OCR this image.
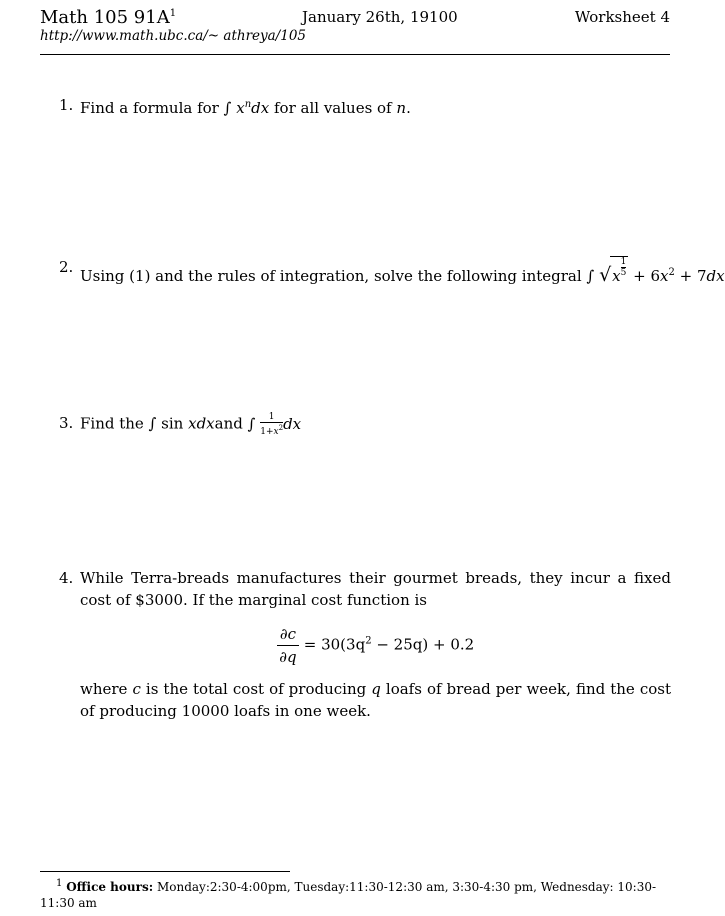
Math 105 $91A^1$	January 26th, 19100	Worksheet 4
http://www.math.ubc.ca/~ athreya/105
1. Find a formula for ∫ $x^ndx$ for all values of n.
2. Using (1) and the rules of integration, solve the following integral ∫ $√x \frac{1}{5} + 6x^2 + 7dx$
3. Find the ∫ sin xdxand ∫ $\frac{1}{1+x^2}$ dx
4. While Terra-breads manufactures their gourmet breads, they incur a fixed cost of $3000. If the marginal cost function is
$\frac{\partial c}{\partial q} = 30(3q^2 - 25q) + 0.2$
where c is the total cost of producing q loafs of bread per week, find the cost of producing 10000 loafs in one week.
$^1$ Office hours: Monday:2:30-4:00pm, Tuesday:11:30-12:30 am, 3:30-4:30 pm, Wednesday: 10:30-11:30 am
